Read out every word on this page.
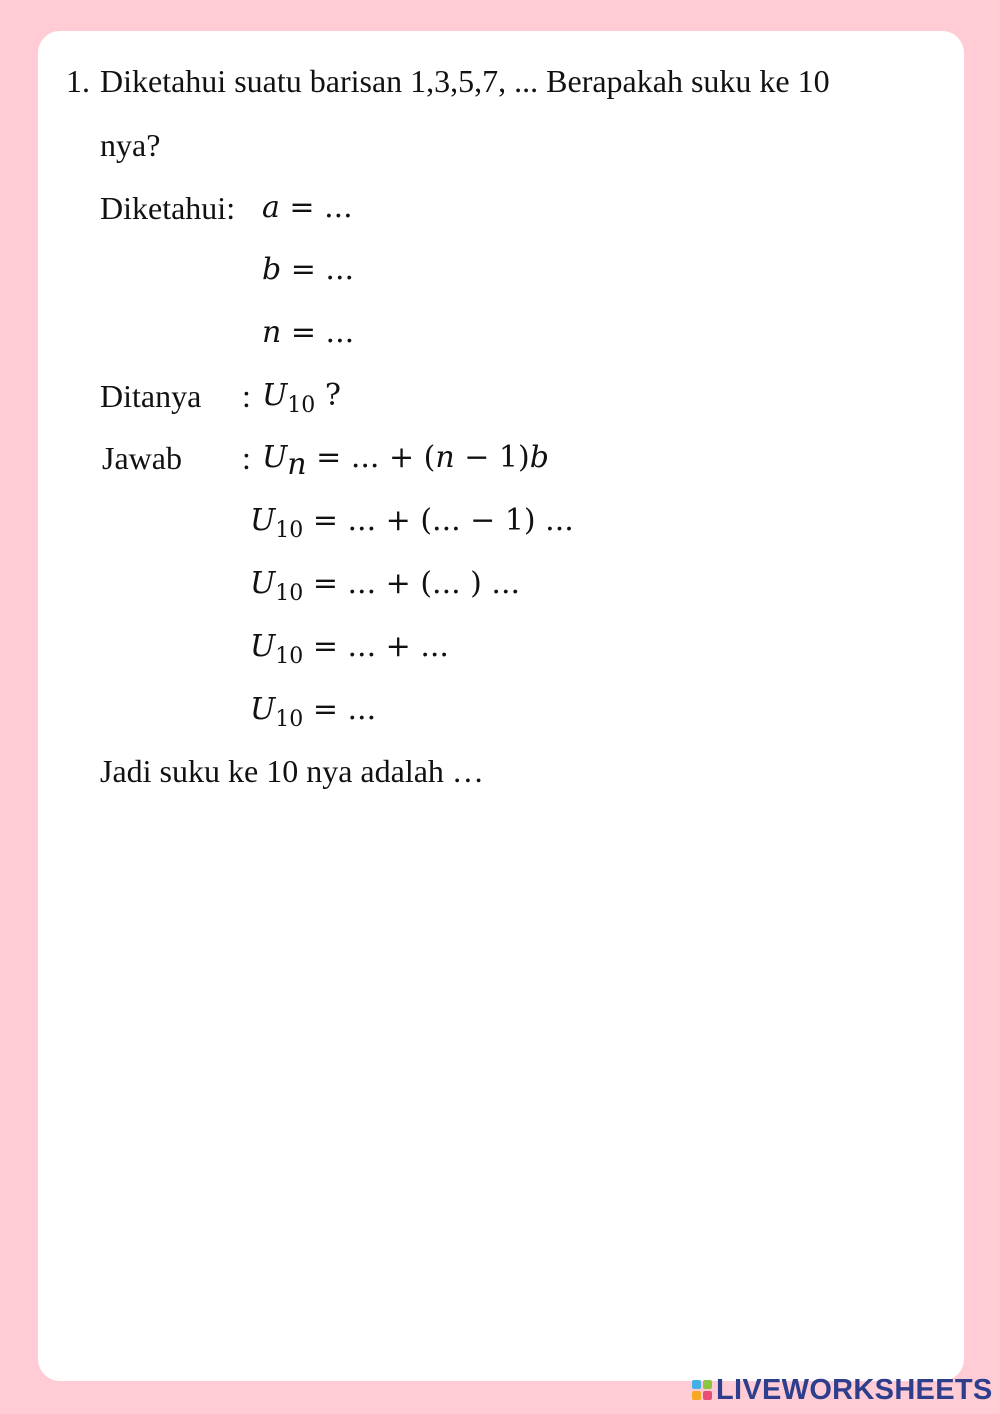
1. Diketahui suatu barisan 1,3,5,7, ... Berapakah suku ke 10
nya?
Diketahui: a = ...
b = ...
n = ...
Ditanya : $U_{10}$ ?
Jawab : $U_n$ = ... + (n − 1)b
$U_{10}$ = ... + (... − 1) ...
$U_{10}$ = ... + (... ) ...
$U_{10}$ = ... + ...
$U_{10}$ = ...
Jadi suku ke 10 nya adalah …
LIVEWORKSHEETS
